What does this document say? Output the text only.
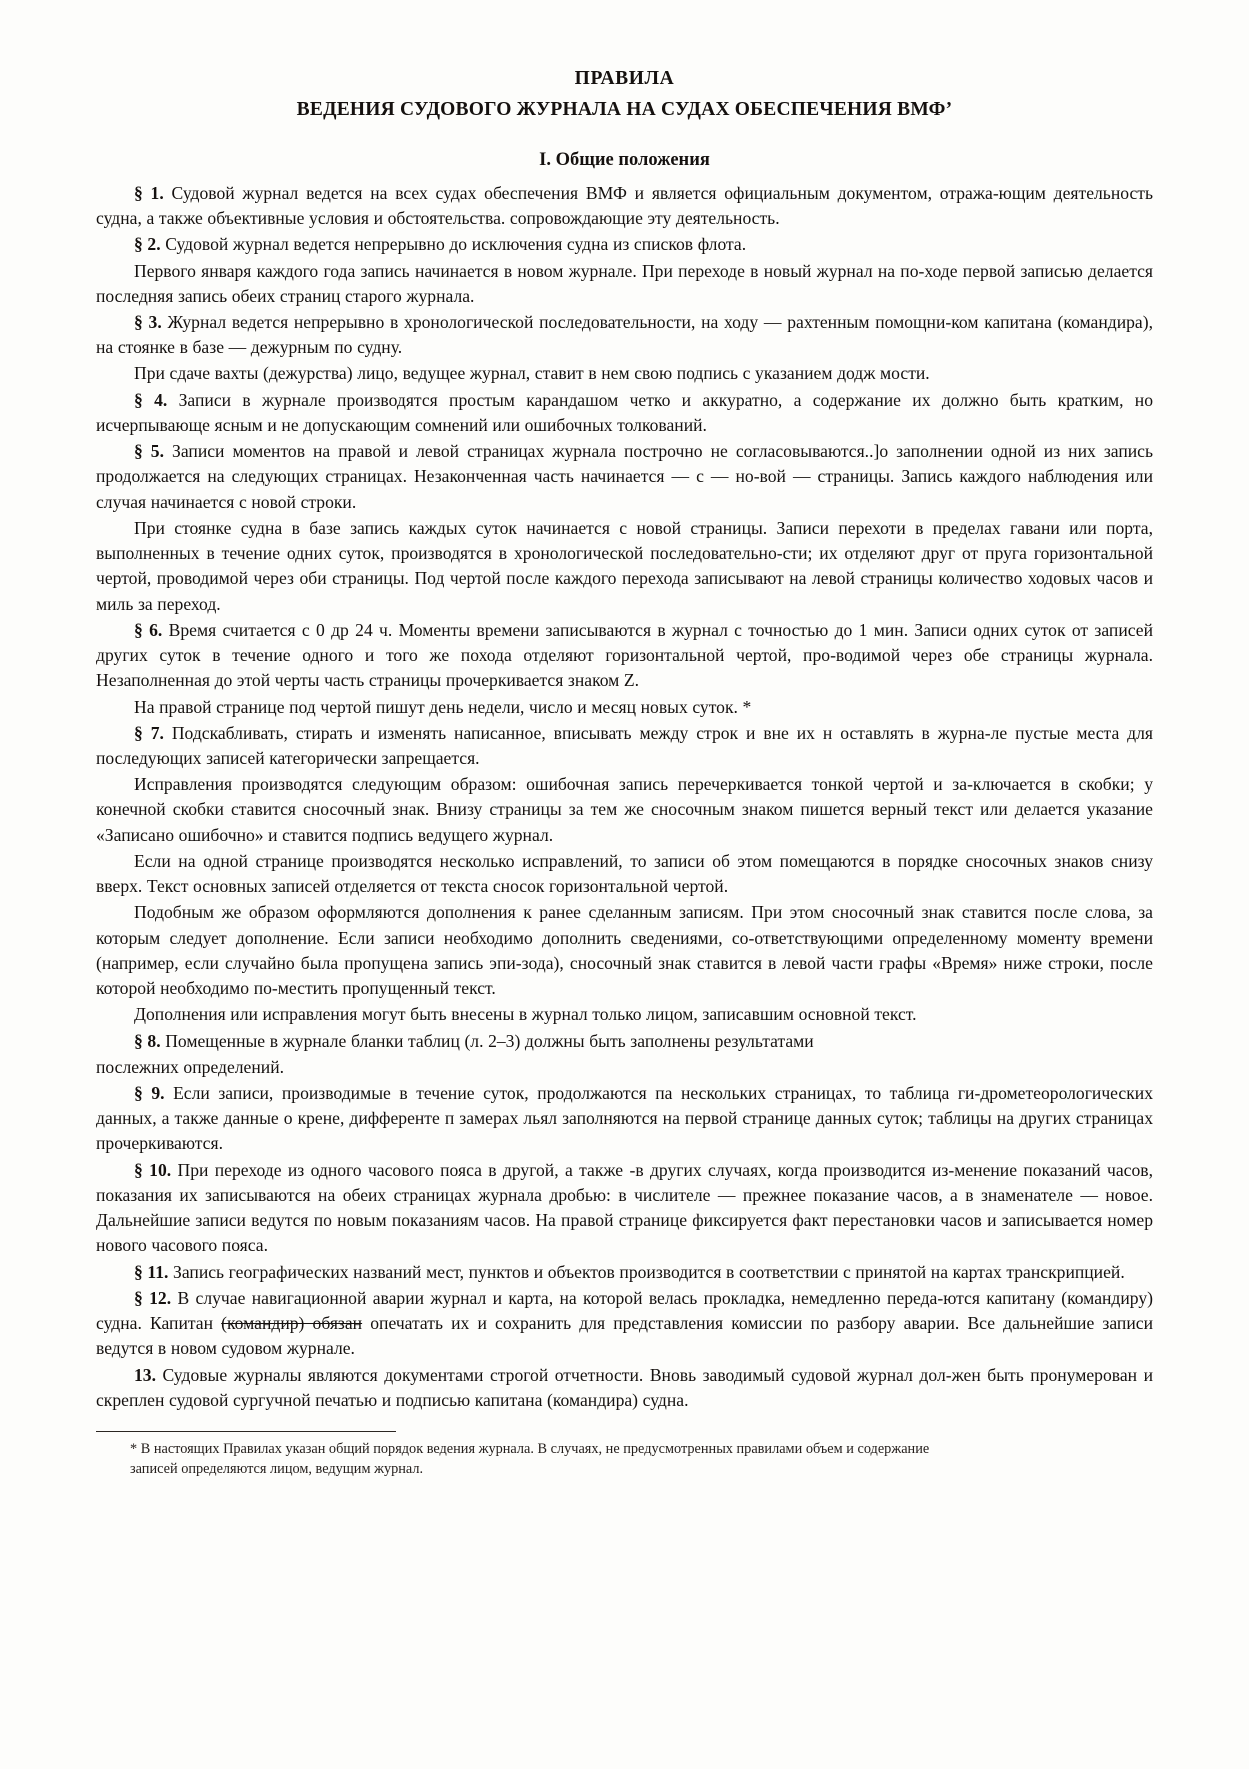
ПРАВИЛА
ВЕДЕНИЯ СУДОВОГО ЖУРНАЛА НА СУДАХ ОБЕСПЕЧЕНИЯ ВМФ’
I. Общие положения

§ 1. Судовой журнал ведется на всех судах обеспечения ВМФ и является официальным документом, отража-ющим деятельность судна, а также объективные условия и обстоятельства. сопровождающие эту деятельность.

§ 2. Судовой журнал ведется непрерывно до исключения судна из списков флота.

Первого января каждого года запись начинается в новом журнале. При переходе в новый журнал на по-ходе первой записью делается последняя запись обеих страниц старого журнала.

§ 3. Журнал ведется непрерывно в хронологической последовательности, на ходу — рахтенным помощни-ком капитана (командира), на стоянке в базе — дежурным по судну.

При сдаче вахты (дежурства) лицо, ведущее журнал, ставит в нем свою подпись с указанием додж мости.

§ 4. Записи в журнале производятся простым карандашом четко и аккуратно, а содержание их должно быть кратким, но исчерпывающе ясным и не допускающим сомнений или ошибочных толкований.

§ 5. Записи моментов на правой и левой страницах журнала построчно не согласовываются..]о заполнении одной из них запись продолжается на следующих страницах. Незаконченная часть начинается — с — но-вой — страницы. Запись каждого наблюдения или случая начинается с новой строки.

При стоянке судна в базе запись каждых суток начинается с новой страницы. Записи перехоти в пределах гавани или порта, выполненных в течение одних суток, производятся в хронологической последовательно-сти; их отделяют друг от пруга горизонтальной чертой, проводимой через оби страницы. Под чертой после каждого перехода записывают на левой страницы количество ходовых часов и миль за переход.

§ 6. Время считается с 0 др 24 ч. Моменты времени записываются в журнал с точностью до 1 мин. Записи одних суток от записей других суток в течение одного и того же похода отделяют горизонтальной чертой, про-водимой через обе страницы журнала. Незаполненная до этой черты часть страницы прочеркивается знаком Z.

На правой странице под чертой пишут день недели, число и месяц новых суток. *

§ 7. Подскабливать, стирать и изменять написанное, вписывать между строк и вне их н оставлять в журна-ле пустые места для последующих записей категорически запрещается.

Исправления производятся следующим образом: ошибочная запись перечеркивается тонкой чертой и за-ключается в скобки; у конечной скобки ставится сносочный знак. Внизу страницы за тем же сносочным знаком пишется верный текст или делается указание «Записано ошибочно» и ставится подпись ведущего журнал.

Если на одной странице производятся несколько исправлений, то записи об этом помещаются в порядке сносочных знаков снизу вверх. Текст основных записей отделяется от текста сносок горизонтальной чертой.

Подобным же образом оформляются дополнения к ранее сделанным записям. При этом сносочный знак ставится после слова, за которым следует дополнение. Если записи необходимо дополнить сведениями, со-ответствующими определенному моменту времени (например, если случайно была пропущена запись эпи-зода), сносочный знак ставится в левой части графы «Время» ниже строки, после которой необходимо по-местить пропущенный текст.

Дополнения или исправления могут быть внесены в журнал только лицом, записавшим основной текст.

§ 8. Помещенные в журнале бланки таблиц (л. 2–3) должны быть заполнены результатами

послежних определений.

§ 9. Если записи, производимые в течение суток, продолжаются па нескольких страницах, то таблица ги-дрометеорологических данных, а также данные о крене, дифференте п замерах льял заполняются на первой странице данных суток; таблицы на других страницах прочеркиваются.

§ 10. При переходе из одного часового пояса в другой, а также -в других случаях, когда производится из-менение показаний часов, показания их записываются на обеих страницах журнала дробью: в числителе — прежнее показание часов, а в знаменателе — новое. Дальнейшие записи ведутся по новым показаниям часов. На правой странице фиксируется факт перестановки часов и записывается номер нового часового пояса.

§ 11. Запись географических названий мест, пунктов и объектов производится в соответствии с принятой на картах транскрипцией.

§ 12. В случае навигационной аварии журнал и карта, на которой велась прокладка, немедленно переда-ются капитану (командиру) судна. Капитан (командир) обязан опечатать их и сохранить для представления комиссии по разбору аварии. Все дальнейшие записи ведутся в новом судовом журнале.

13. Судовые журналы являются документами строгой отчетности. Вновь заводимый судовой журнал дол-жен быть пронумерован и скреплен судовой сургучной печатью и подписью капитана (командира) судна.

* В настоящих Правилах указан общий порядок ведения журнала. В случаях, не предусмотренных правилами объем и содержание

записей определяются лицом, ведущим журнал.
